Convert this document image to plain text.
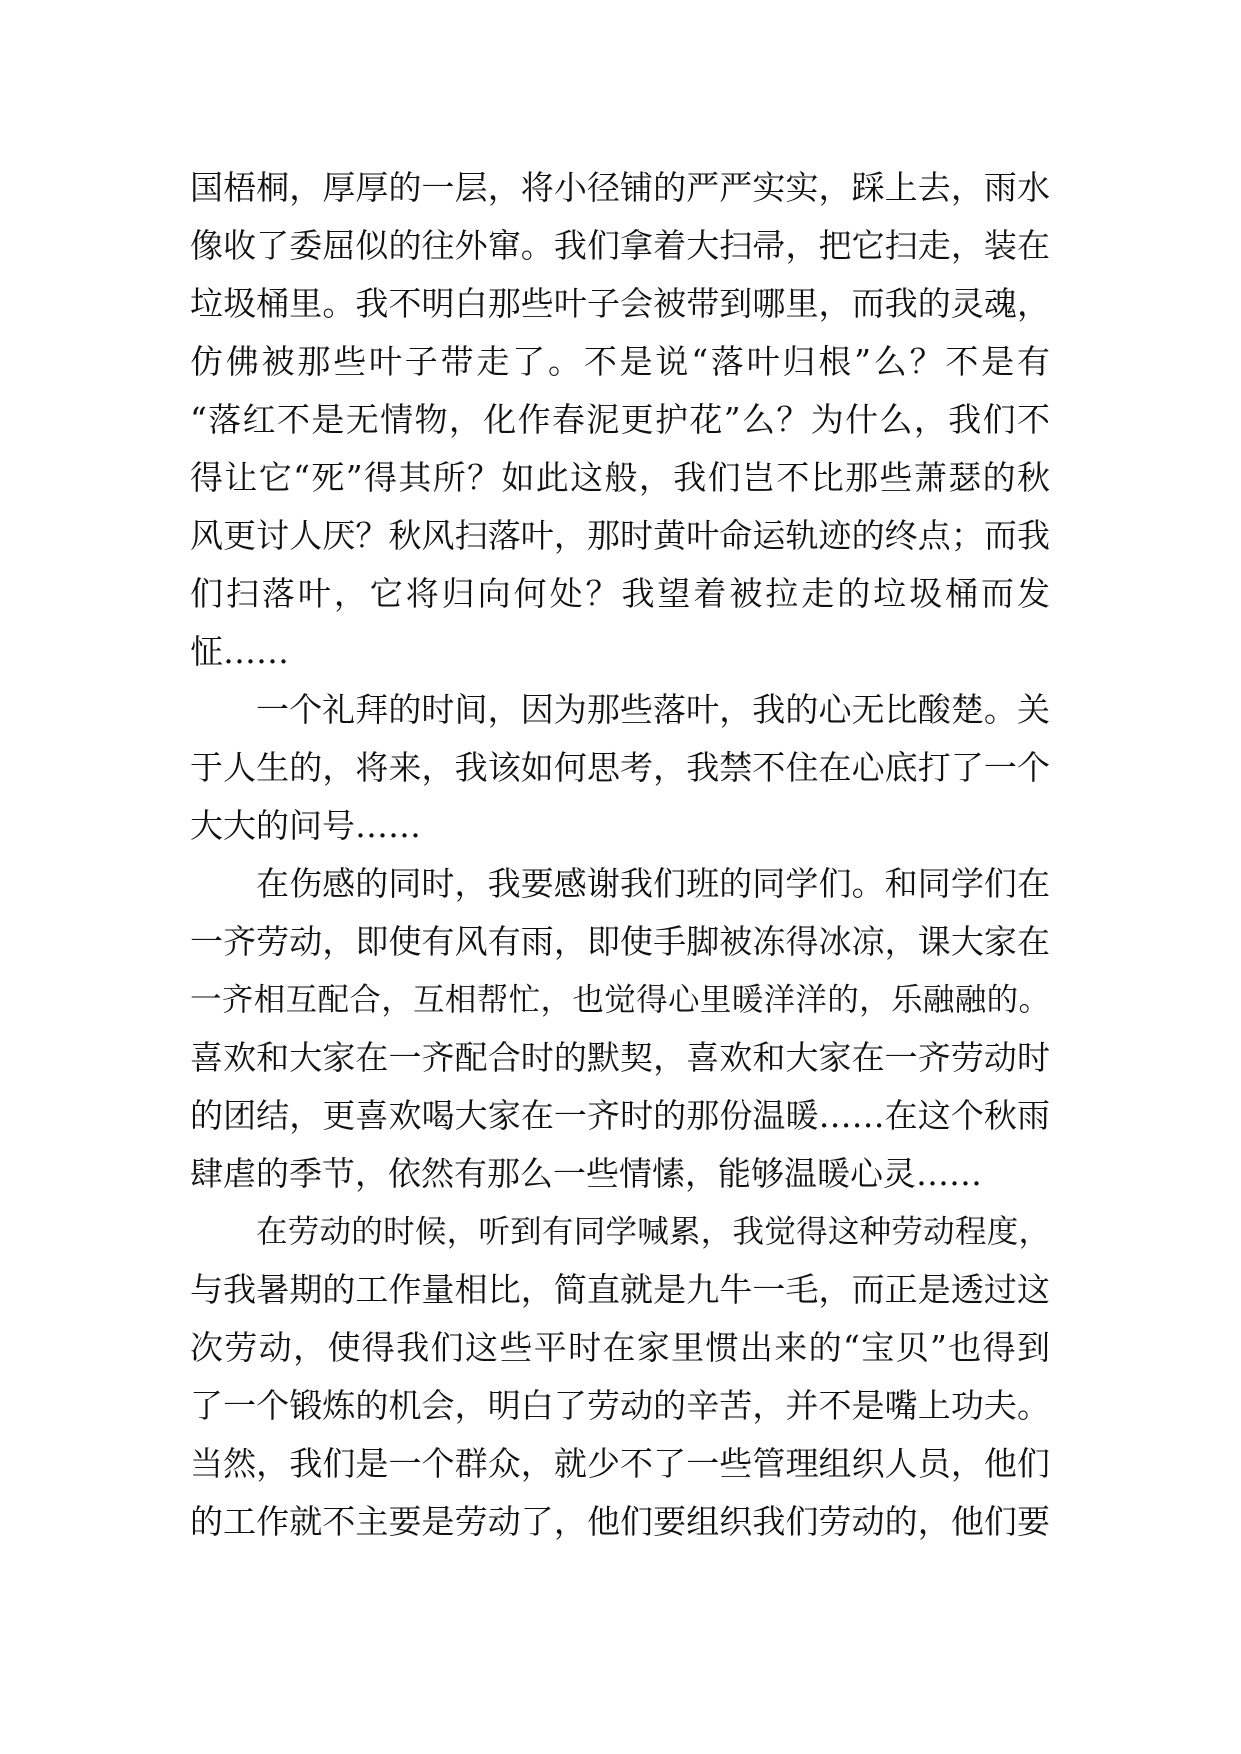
国梧桐，厚厚的一层，将小径铺的严严实实，踩上去，雨水
像收了委屈似的往外窜。我们拿着大扫帚，把它扫走，装在
垃圾桶里。我不明白那些叶子会被带到哪里，而我的灵魂，
仿佛被那些叶子带走了。不是说“落叶归根”么？不是有
“落红不是无情物，化作春泥更护花”么？为什么，我们不
得让它“死”得其所？如此这般，我们岂不比那些萧瑟的秋
风更讨人厌？秋风扫落叶，那时黄叶命运轨迹的终点；而我
们扫落叶，它将归向何处？我望着被拉走的垃圾桶而发
怔……
一个礼拜的时间，因为那些落叶，我的心无比酸楚。关
于人生的，将来，我该如何思考，我禁不住在心底打了一个
大大的问号……
在伤感的同时，我要感谢我们班的同学们。和同学们在
一齐劳动，即使有风有雨，即使手脚被冻得冰凉，课大家在
一齐相互配合，互相帮忙，也觉得心里暖洋洋的，乐融融的。
喜欢和大家在一齐配合时的默契，喜欢和大家在一齐劳动时
的团结，更喜欢喝大家在一齐时的那份温暖……在这个秋雨
肆虐的季节，依然有那么一些情愫，能够温暖心灵……
在劳动的时候，听到有同学喊累，我觉得这种劳动程度，
与我暑期的工作量相比，简直就是九牛一毛，而正是透过这
次劳动，使得我们这些平时在家里惯出来的“宝贝”也得到
了一个锻炼的机会，明白了劳动的辛苦，并不是嘴上功夫。
当然，我们是一个群众，就少不了一些管理组织人员，他们
的工作就不主要是劳动了，他们要组织我们劳动的，他们要
